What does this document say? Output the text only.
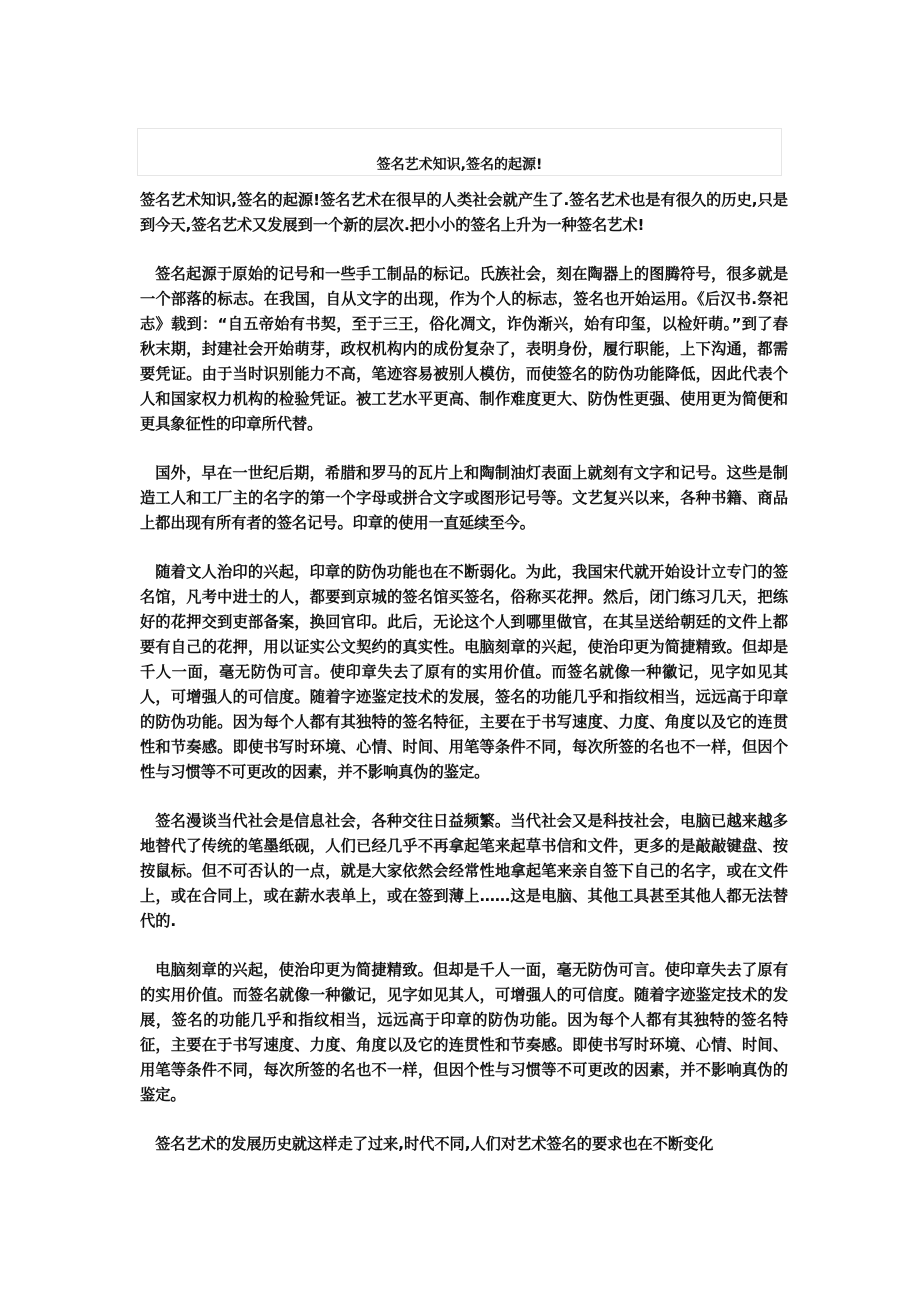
签名艺术知识,签名的起源!

签名艺术知识,签名的起源!签名艺术在很早的人类社会就产生了.签名艺术也是有很久的历史,只是到今天,签名艺术又发展到一个新的层次.把小小的签名上升为一种签名艺术!

签名起源于原始的记号和一些手工制品的标记。氏族社会，刻在陶器上的图腾符号，很多就是一个部落的标志。在我国，自从文字的出现，作为个人的标志，签名也开始运用。《后汉书.祭祀志》载到：“自五帝始有书契，至于三王，俗化凋文，诈伪渐兴，始有印玺，以检奸萌。”到了春秋末期，封建社会开始萌芽，政权机构内的成份复杂了，表明身份，履行职能，上下沟通，都需要凭证。由于当时识别能力不高，笔迹容易被别人模仿，而使签名的防伪功能降低，因此代表个人和国家权力机构的检验凭证。被工艺水平更高、制作难度更大、防伪性更强、使用更为简便和更具象征性的印章所代替。

国外，早在一世纪后期，希腊和罗马的瓦片上和陶制油灯表面上就刻有文字和记号。这些是制造工人和工厂主的名字的第一个字母或拼合文字或图形记号等。文艺复兴以来，各种书籍、商品上都出现有所有者的签名记号。印章的使用一直延续至今。

随着文人治印的兴起，印章的防伪功能也在不断弱化。为此，我国宋代就开始设计立专门的签名馆，凡考中进士的人，都要到京城的签名馆买签名，俗称买花押。然后，闭门练习几天，把练好的花押交到吏部备案，换回官印。此后，无论这个人到哪里做官，在其呈送给朝廷的文件上都要有自己的花押，用以证实公文契约的真实性。电脑刻章的兴起，使治印更为简捷精致。但却是千人一面，毫无防伪可言。使印章失去了原有的实用价值。而签名就像一种徽记，见字如见其人，可增强人的可信度。随着字迹鉴定技术的发展，签名的功能几乎和指纹相当，远远高于印章的防伪功能。因为每个人都有其独特的签名特征，主要在于书写速度、力度、角度以及它的连贯性和节奏感。即使书写时环境、心情、时间、用笔等条件不同，每次所签的名也不一样，但因个性与习惯等不可更改的因素，并不影响真伪的鉴定。

签名漫谈当代社会是信息社会，各种交往日益频繁。当代社会又是科技社会，电脑已越来越多地替代了传统的笔墨纸砚，人们已经几乎不再拿起笔来起草书信和文件，更多的是敲敲键盘、按按鼠标。但不可否认的一点，就是大家依然会经常性地拿起笔来亲自签下自己的名字，或在文件上，或在合同上，或在薪水表单上，或在签到薄上……这是电脑、其他工具甚至其他人都无法替代的.

电脑刻章的兴起，使治印更为简捷精致。但却是千人一面，毫无防伪可言。使印章失去了原有的实用价值。而签名就像一种徽记，见字如见其人，可增强人的可信度。随着字迹鉴定技术的发展，签名的功能几乎和指纹相当，远远高于印章的防伪功能。因为每个人都有其独特的签名特征，主要在于书写速度、力度、角度以及它的连贯性和节奏感。即使书写时环境、心情、时间、用笔等条件不同，每次所签的名也不一样，但因个性与习惯等不可更改的因素，并不影响真伪的鉴定。

签名艺术的发展历史就这样走了过来,时代不同,人们对艺术签名的要求也在不断变化
